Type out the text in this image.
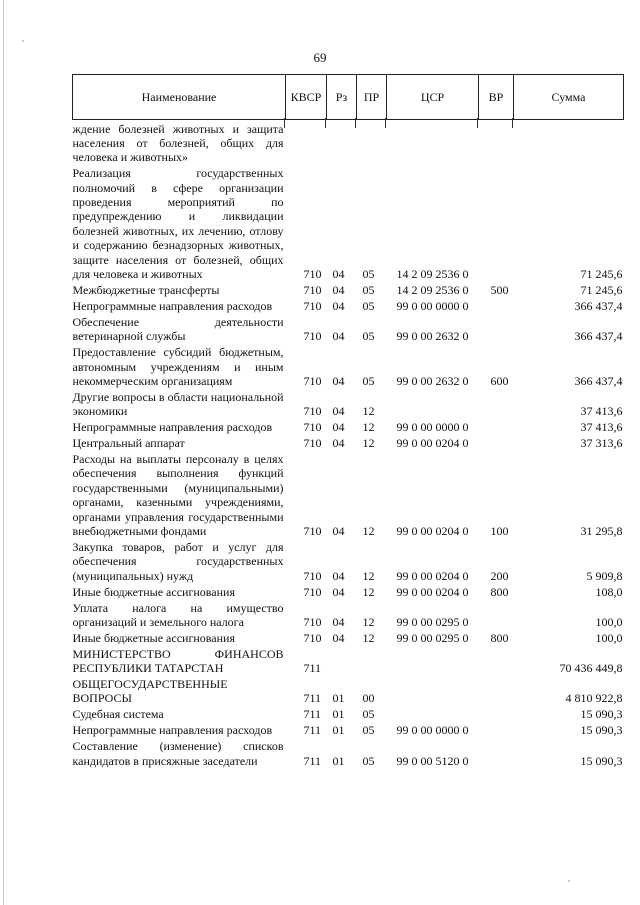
69
Наименование	КВСР	Рз	ПР	ЦСР	ВР	Сумма
ждение болезней животных и защита населения от болезней, общих для человека и животных»						
Реализация государственных полномочий в сфере организации проведения мероприятий по предупреждению и ликвидации болезней животных, их лечению, отлову и содержанию безнадзорных животных, защите населения от болезней, общих для человека и животных	710	04	05	14 2 09 2536 0		71 245,6
Межбюджетные трансферты	710	04	05	14 2 09 2536 0	500	71 245,6
Непрограммные направления расходов	710	04	05	99 0 00 0000 0		366 437,4
Обеспечение деятельности ветеринарной службы	710	04	05	99 0 00 2632 0		366 437,4
Предоставление субсидий бюджетным, автономным учреждениям и иным некоммерческим организациям	710	04	05	99 0 00 2632 0	600	366 437,4
Другие вопросы в области национальной экономики	710	04	12			37 413,6
Непрограммные направления расходов	710	04	12	99 0 00 0000 0		37 413,6
Центральный аппарат	710	04	12	99 0 00 0204 0		37 313,6
Расходы на выплаты персоналу в целях обеспечения выполнения функций государственными (муниципальными) органами, казенными учреждениями, органами управления государственными внебюджетными фондами	710	04	12	99 0 00 0204 0	100	31 295,8
Закупка товаров, работ и услуг для обеспечения государственных (муниципальных) нужд	710	04	12	99 0 00 0204 0	200	5 909,8
Иные бюджетные ассигнования	710	04	12	99 0 00 0204 0	800	108,0
Уплата налога на имущество организаций и земельного налога	710	04	12	99 0 00 0295 0		100,0
Иные бюджетные ассигнования	710	04	12	99 0 00 0295 0	800	100,0
МИНИСТЕРСТВО ФИНАНСОВ РЕСПУБЛИКИ ТАТАРСТАН	711					70 436 449,8
ОБЩЕГОСУДАРСТВЕННЫЕ ВОПРОСЫ	711	01	00			4 810 922,8
Судебная система	711	01	05			15 090,3
Непрограммные направления расходов	711	01	05	99 0 00 0000 0		15 090,3
Составление (изменение) списков кандидатов в присяжные заседатели	711	01	05	99 0 00 5120 0		15 090,3
